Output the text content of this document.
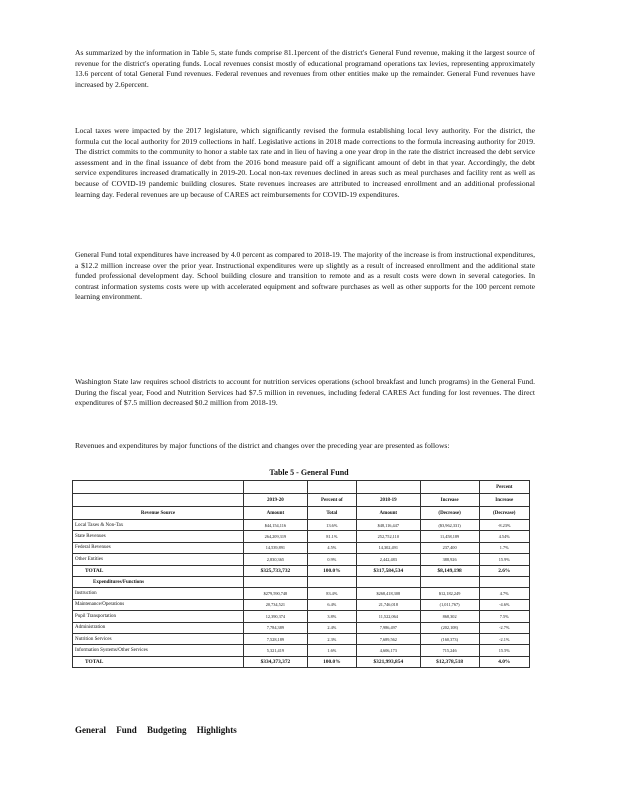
As summarized by the information in Table 5, state funds comprise 81.1percent of the district's General Fund revenue, making it the largest source of revenue for the district's operating funds. Local revenues consist mostly of educational programand operations tax levies, representing approximately 13.6 percent of total General Fund revenues. Federal revenues and revenues from other entities make up the remainder. General Fund revenues have increased by 2.6percent.

Local taxes were impacted by the 2017 legislature, which significantly revised the formula establishing local levy authority. For the district, the formula cut the local authority for 2019 collections in half. Legislative actions in 2018 made corrections to the formula increasing authority for 2019. The district commits to the community to honor a stable tax rate and in lieu of having a one year drop in the rate the district increased the debt service assessment and in the final issuance of debt from the 2016 bond measure paid off a significant amount of debt in that year. Accordingly, the debt service expenditures increased dramatically in 2019-20. Local non-tax revenues declined in areas such as meal purchases and facility rent as well as because of COVID-19 pandemic building closures. State revenues increases are attributed to increased enrollment and an additional professional learning day. Federal revenues are up because of CARES act reimbursements for COVID-19 expenditures.

General Fund total expenditures have increased by 4.0 percent as compared to 2018-19. The majority of the increase is from instructional expenditures, a $12.2 million increase over the prior year. Instructional expenditures were up slightly as a result of increased enrollment and the additional state funded professional development day. School building closure and transition to remote and as a result costs were down in several categories. In contrast information systems costs were up with accelerated equipment and software purchases as well as other supports for the 100 percent remote learning environment.

Washington State law requires school districts to account for nutrition services operations (school breakfast and lunch programs) in the General Fund. During the fiscal year, Food and Nutrition Services had $7.5 million in revenues, including federal CARES Act funding for lost revenues. The direct expenditures of $7.5 million decreased $0.2 million from 2018-19.

Revenues and expenditures by major functions of the district and changes over the preceding year are presented as follows:

Table 5 - General Fund
					Percent
	2019-20	Percent of	2018-19	Increase	Increase
Revenue Source	Amount	Total	Amount	(Decrease)	(Decrease)
Local Taxes & Non-Tax	$44,154,116	13.6%	$48,116,447	($3,962,331)	-8.23%
State Revenues	264,209,319	81.1%	252,752,110	11,458,189	4.54%
Federal Revenues	14,539,891	4.5%	14,302,491	237,400	1.7%
Other Entities	2,830,365	0.9%	2,442,483	388,926	15.9%
TOTAL	$325,733,732	100.0%	$317,584,534	$8,149,198	2.6%
Expenditures/Functions					
Instruction	$279,590,748	83.4%	$268,418,308	$12,182,249	4.7%
Maintenance/Operations	20,734,521	6.4%	21,746,018	(1,011,767)	-4.6%
Pupil Transportation	12,390,374	3.8%	11,522,064	868,302	7.5%
Administration	7,784,389	2.4%	7,986,497	(202,108)	-2.7%
Nutrition Services	7,528,189	2.3%	7,689,562	(160,373)	-2.1%
Information Systems/Other Services	5,321,419	1.6%	4,606,173	715,246	15.5%
TOTAL	$334,373,372	100.0%	$321,993,854	$12,378,518	4.0%
General Fund Budgeting Highlights
